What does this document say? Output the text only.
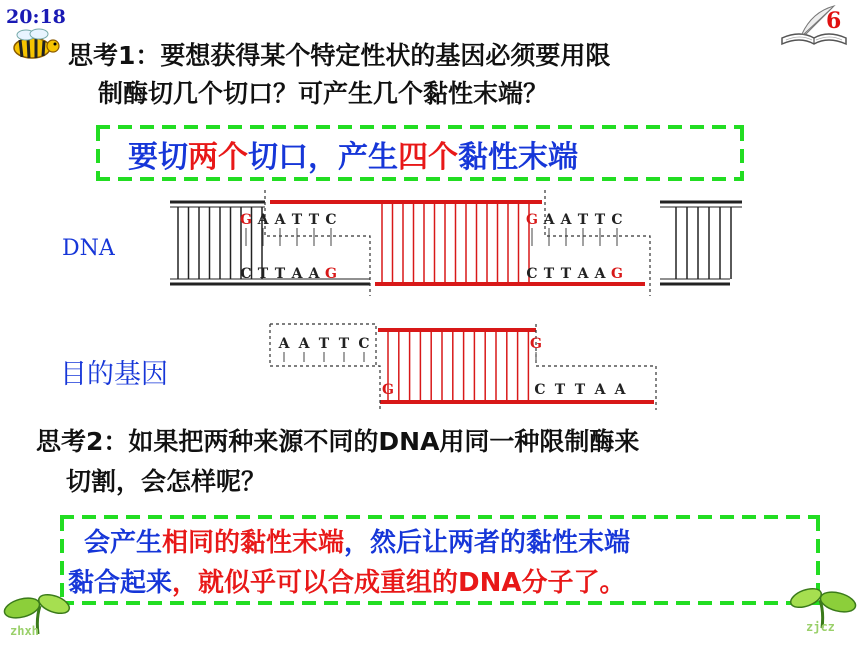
20:18	6
思考1：要想获得某个特定性状的基因必须要用限
制酶切几个切口？可产生几个黏性末端？
要切两个切口，产生四个黏性末端
DNA
G A A T T C
C T T A A G
G A A T T C
C T T A A G
目的基因
A A T T C	G
G	C T T A A
思考2：如果把两种来源不同的DNA用同一种限制酶来
切割，会怎样呢？
会产生相同的黏性末端，然后让两者的黏性末端
黏合起来，就似乎可以合成重组的DNA分子了。
zhxh	zjcz
